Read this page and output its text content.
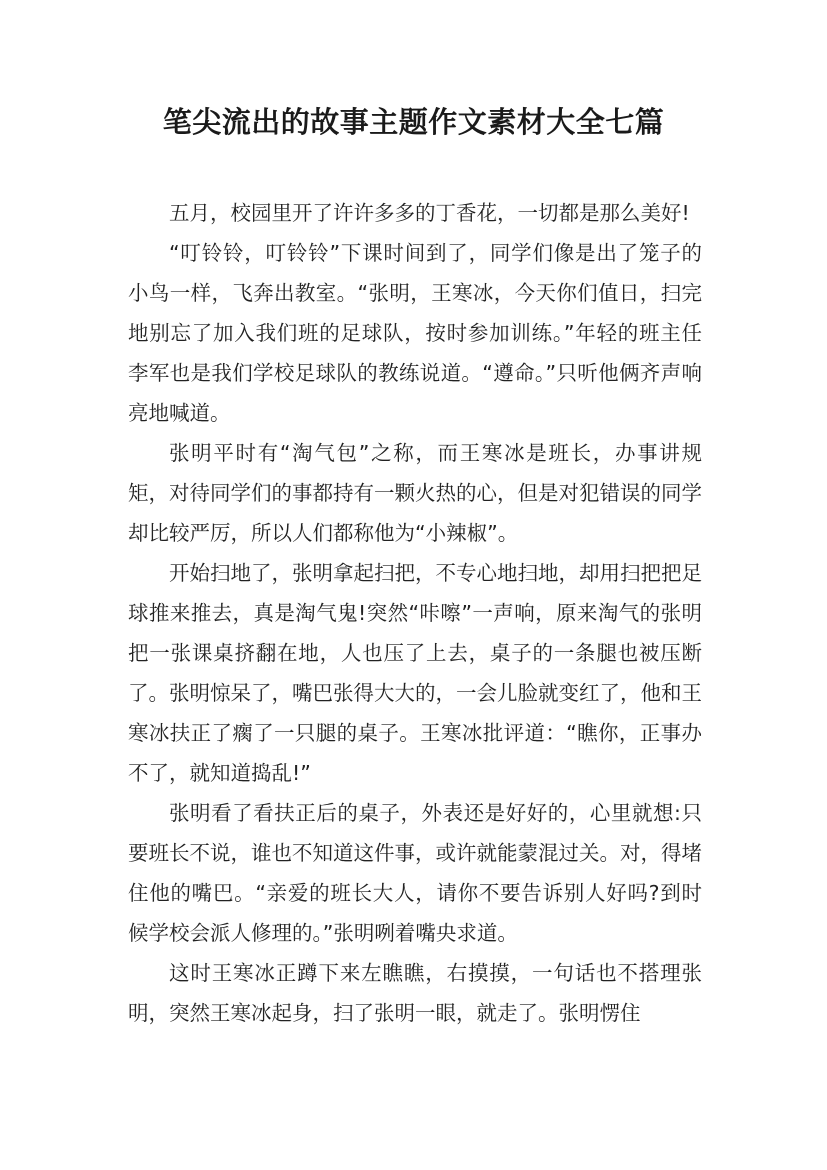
笔尖流出的故事主题作文素材大全七篇

五月，校园里开了许许多多的丁香花，一切都是那么美好!

“叮铃铃，叮铃铃”下课时间到了，同学们像是出了笼子的小鸟一样，飞奔出教室。“张明，王寒冰，今天你们值日，扫完地别忘了加入我们班的足球队，按时参加训练。”年轻的班主任李军也是我们学校足球队的教练说道。“遵命。”只听他俩齐声响亮地喊道。

张明平时有“淘气包”之称，而王寒冰是班长，办事讲规矩，对待同学们的事都持有一颗火热的心，但是对犯错误的同学却比较严厉，所以人们都称他为“小辣椒”。

开始扫地了，张明拿起扫把，不专心地扫地，却用扫把把足球推来推去，真是淘气鬼!突然“咔嚓”一声响，原来淘气的张明把一张课桌挤翻在地，人也压了上去，桌子的一条腿也被压断了。张明惊呆了，嘴巴张得大大的，一会儿脸就变红了，他和王寒冰扶正了瘸了一只腿的桌子。王寒冰批评道：“瞧你，正事办不了，就知道捣乱!”

张明看了看扶正后的桌子，外表还是好好的，心里就想:只要班长不说，谁也不知道这件事，或许就能蒙混过关。对，得堵住他的嘴巴。“亲爱的班长大人，请你不要告诉别人好吗?到时候学校会派人修理的。”张明咧着嘴央求道。

这时王寒冰正蹲下来左瞧瞧，右摸摸，一句话也不搭理张明，突然王寒冰起身，扫了张明一眼，就走了。张明愣住
